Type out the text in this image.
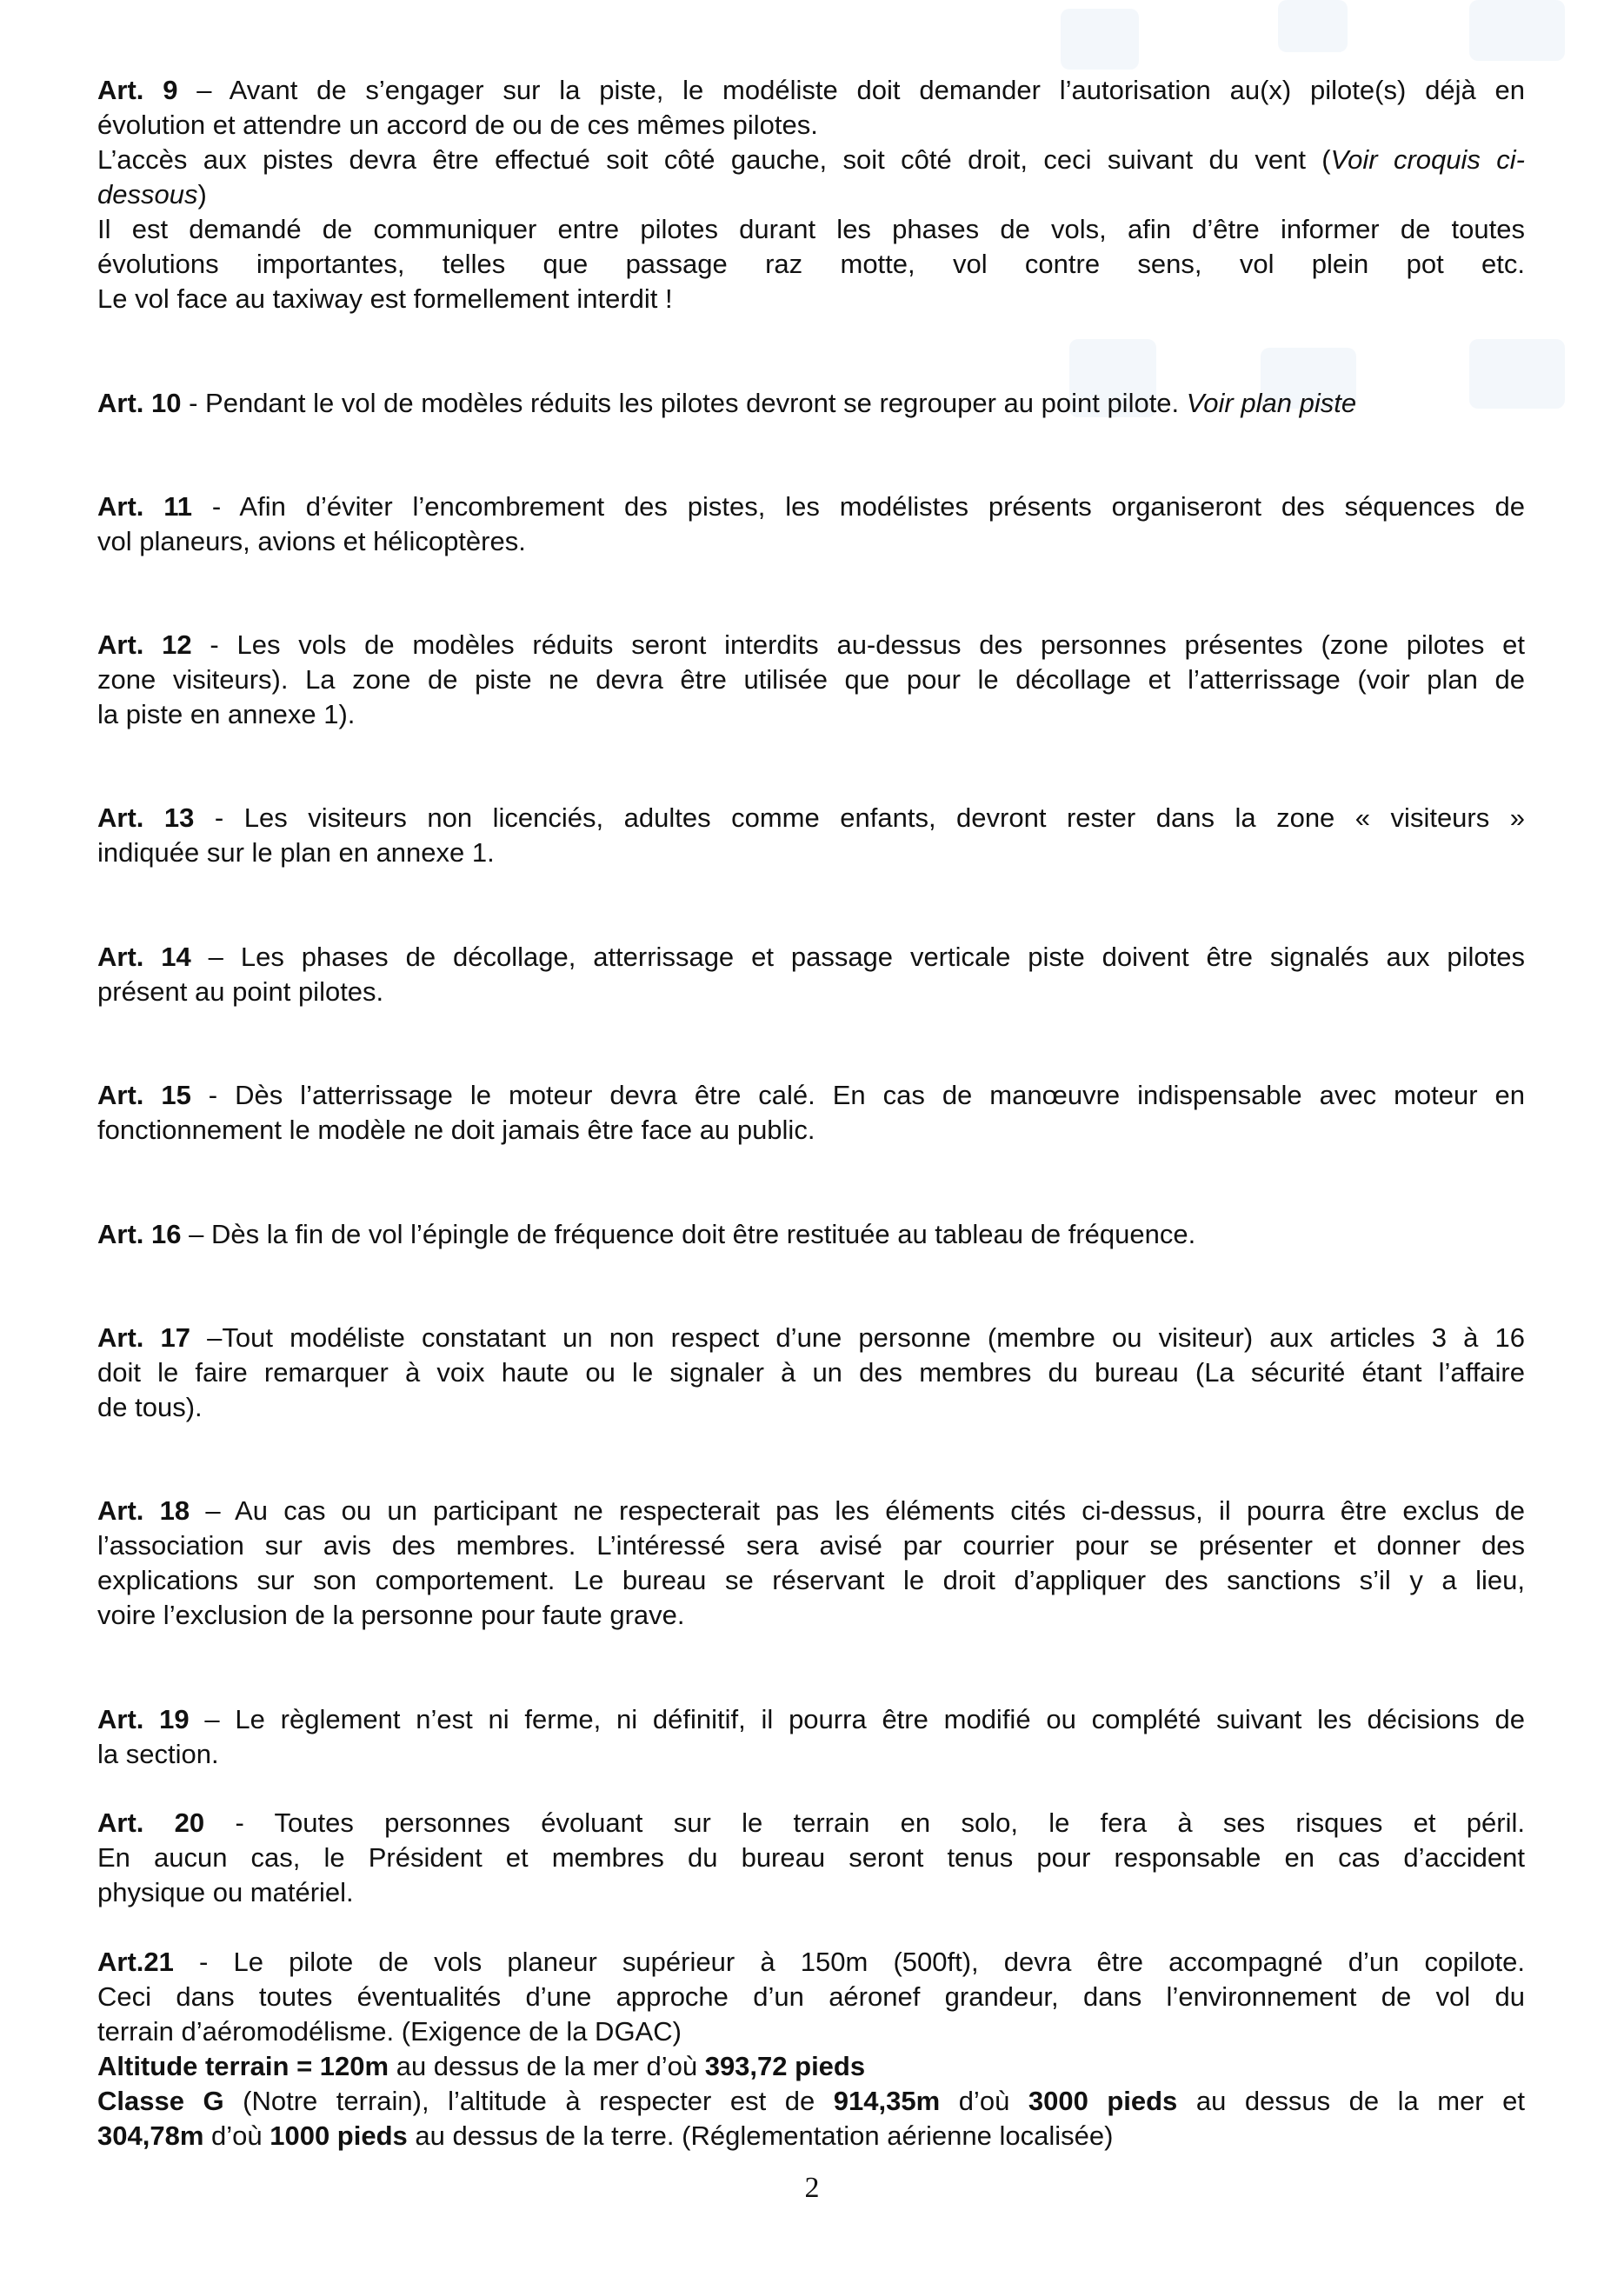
Art. 9 – Avant de s’engager sur la piste, le modéliste doit demander l’autorisation au(x) pilote(s) déjà en
évolution et attendre un accord de ou de ces mêmes pilotes.
L’accès aux pistes devra être effectué soit côté gauche, soit côté droit, ceci suivant du vent (Voir croquis ci-
dessous)
Il est demandé de communiquer entre pilotes durant les phases de vols, afin d’être informer de toutes
évolutions importantes, telles que passage raz motte, vol contre sens, vol plein pot etc.
Le vol face au taxiway est formellement interdit !
Art. 10 - Pendant le vol de modèles réduits les pilotes devront se regrouper au point pilote. Voir plan piste
Art. 11 - Afin d’éviter l’encombrement des pistes, les modélistes présents organiseront des séquences de
vol planeurs, avions et hélicoptères.
Art. 12 - Les vols de modèles réduits seront interdits au-dessus des personnes présentes (zone pilotes et
zone visiteurs). La zone de piste ne devra être utilisée que pour le décollage et l’atterrissage (voir plan de
la piste en annexe 1).
Art. 13 - Les visiteurs non licenciés, adultes comme enfants, devront rester dans la zone « visiteurs »
indiquée sur le plan en annexe 1.
Art. 14 – Les phases de décollage, atterrissage et passage verticale piste doivent être signalés aux pilotes
présent au point pilotes.
Art. 15 - Dès l’atterrissage le moteur devra être calé. En cas de manœuvre indispensable avec moteur en
fonctionnement le modèle ne doit jamais être face au public.
Art. 16 – Dès la fin de vol l’épingle de fréquence doit être restituée au tableau de fréquence.
Art. 17 –Tout modéliste constatant un non respect d’une personne (membre ou visiteur) aux articles 3 à 16
doit le faire remarquer à voix haute ou le signaler à un des membres du bureau (La sécurité étant l’affaire
de tous).
Art. 18 – Au cas ou un participant ne respecterait pas les éléments cités ci-dessus, il pourra être exclus de
l’association sur avis des membres. L’intéressé sera avisé par courrier pour se présenter et donner des
explications sur son comportement. Le bureau se réservant le droit d’appliquer des sanctions s’il y a lieu,
voire l’exclusion de la personne pour faute grave.
Art. 19 – Le règlement n’est ni ferme, ni définitif, il pourra être modifié ou complété suivant les décisions de
la section.
Art. 20 - Toutes personnes évoluant sur le terrain en solo, le fera à ses risques et péril.
En aucun cas, le Président et membres du bureau seront tenus pour responsable en cas d’accident
physique ou matériel.
Art.21 - Le pilote de vols planeur supérieur à 150m (500ft), devra être accompagné d’un copilote.
Ceci dans toutes éventualités d’une approche d’un aéronef grandeur, dans l’environnement de vol du
terrain d’aéromodélisme. (Exigence de la DGAC)
Altitude terrain = 120m au dessus de la mer d’où 393,72 pieds
Classe G (Notre terrain), l’altitude à respecter est de 914,35m d’où 3000 pieds au dessus de la mer et
304,78m d’où 1000 pieds au dessus de la terre. (Réglementation aérienne localisée)
2
